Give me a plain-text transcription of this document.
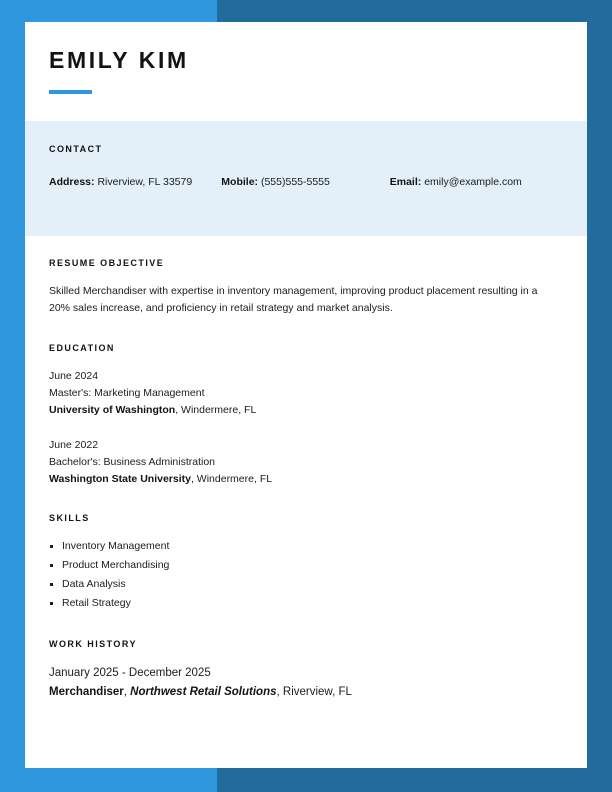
EMILY KIM
CONTACT
Address: Riverview, FL 33579	Mobile: (555)555-5555	Email: emily@example.com
RESUME OBJECTIVE

Skilled Merchandiser with expertise in inventory management, improving product placement resulting in a 20% sales increase, and proficiency in retail strategy and market analysis.

EDUCATION
June 2024
Master's: Marketing Management
University of Washington, Windermere, FL
June 2022
Bachelor's: Business Administration
Washington State University, Windermere, FL
SKILLS
Inventory Management
Product Merchandising
Data Analysis
Retail Strategy
WORK HISTORY
January 2025 - December 2025
Merchandiser, Northwest Retail Solutions, Riverview, FL
